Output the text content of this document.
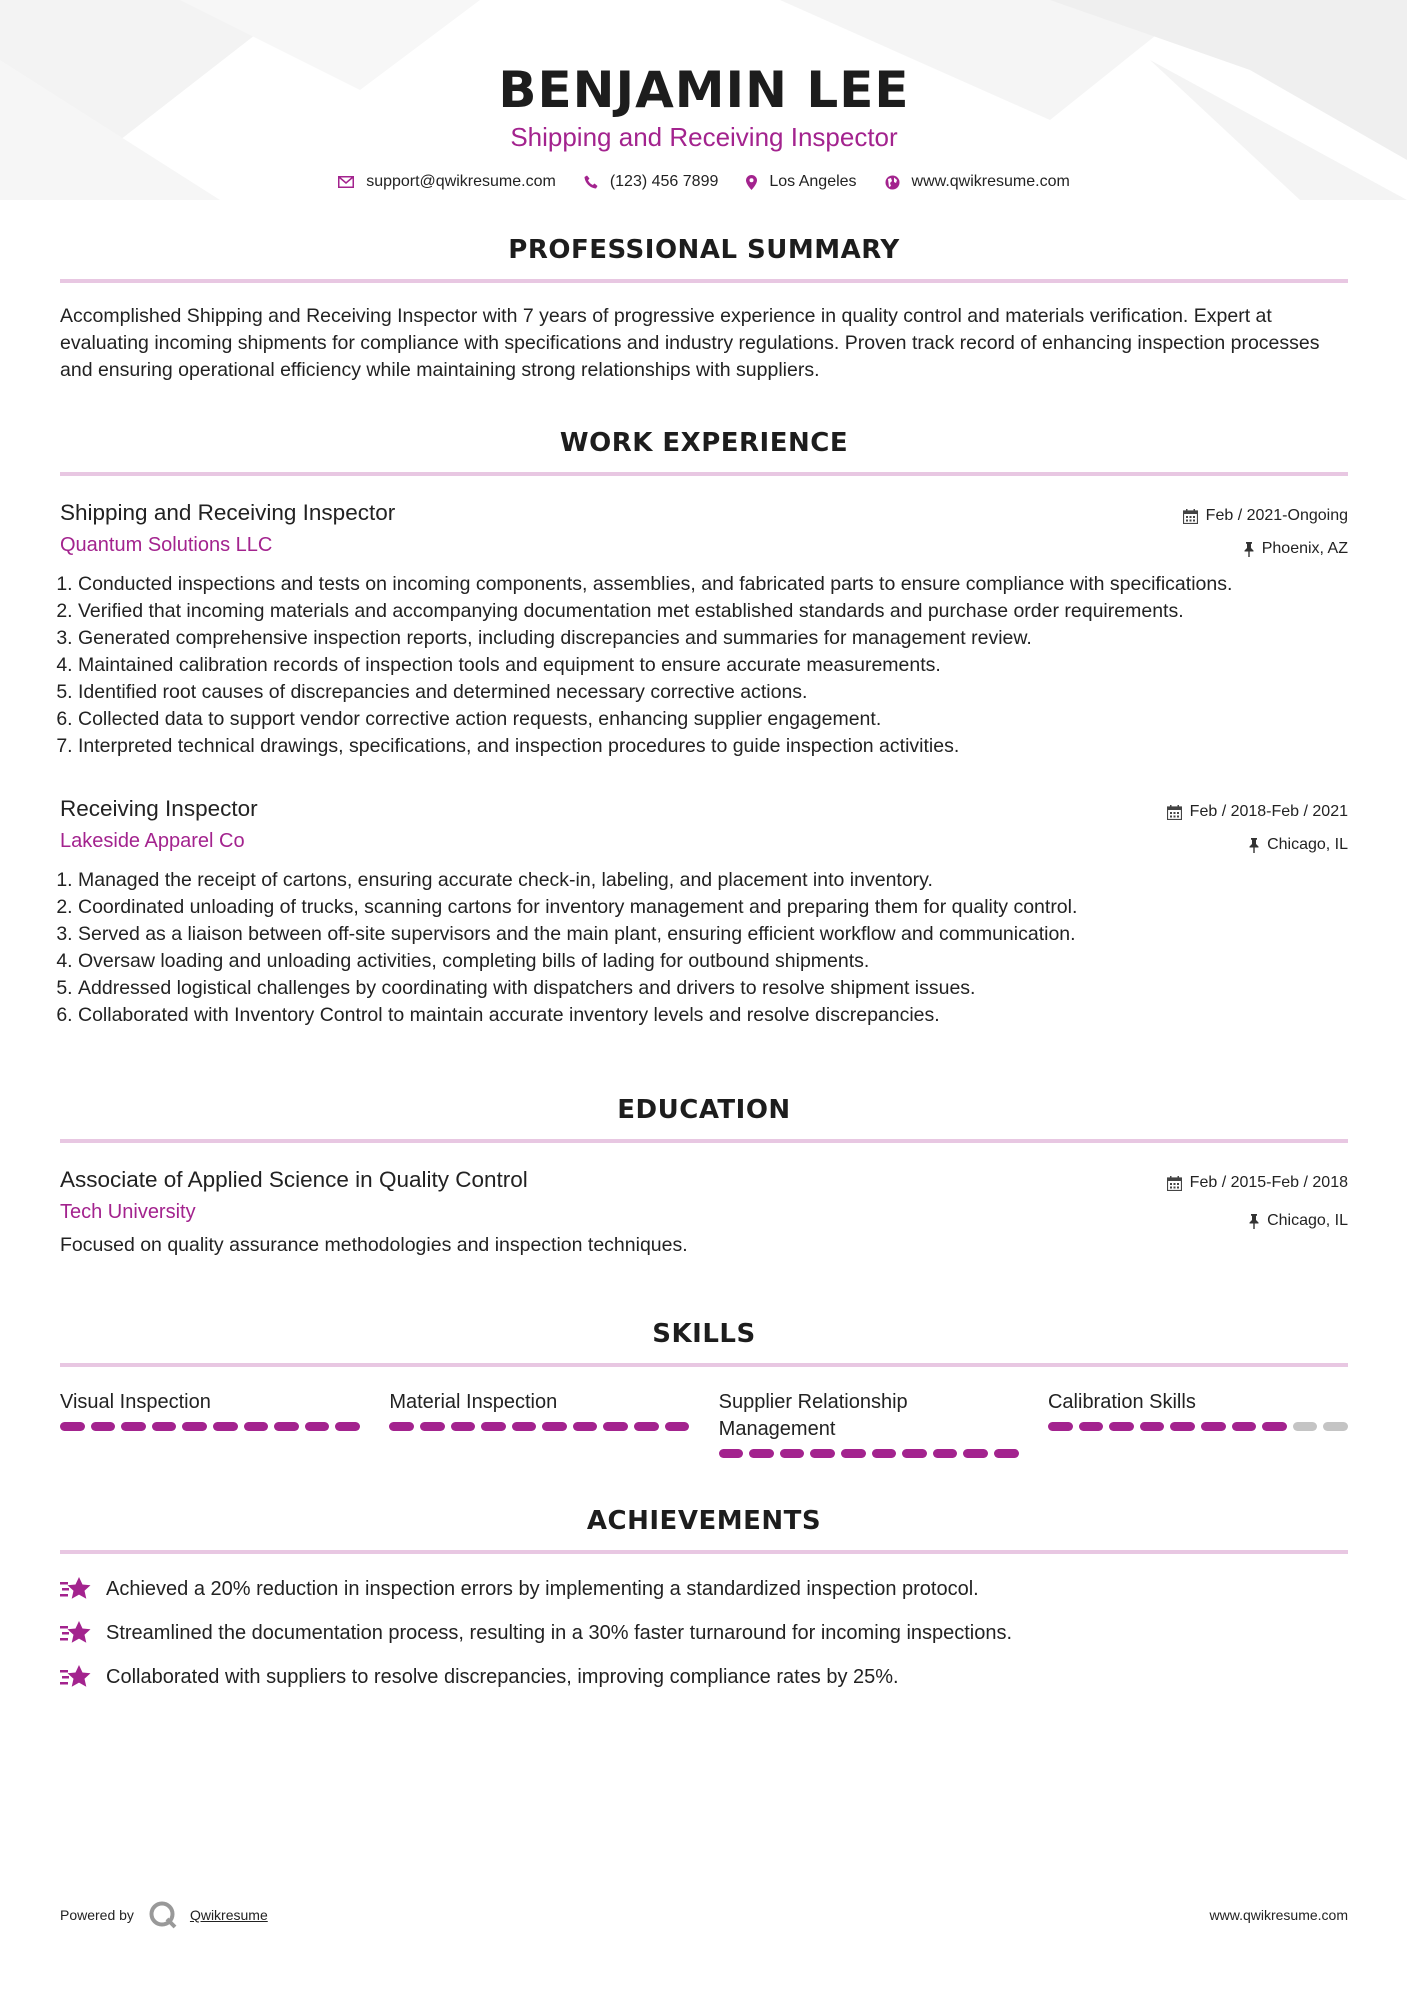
BENJAMIN LEE
Shipping and Receiving Inspector
support@qwikresume.com	(123) 456 7899	Los Angeles	www.qwikresume.com
PROFESSIONAL SUMMARY
Accomplished Shipping and Receiving Inspector with 7 years of progressive experience in quality control and materials verification. Expert at evaluating incoming shipments for compliance with specifications and industry regulations. Proven track record of enhancing inspection processes and ensuring operational efficiency while maintaining strong relationships with suppliers.
WORK EXPERIENCE
Feb / 2021-Ongoing
Phoenix, AZ
Shipping and Receiving Inspector
Quantum Solutions LLC
1. Conducted inspections and tests on incoming components, assemblies, and fabricated parts to ensure compliance with specifications.
2. Verified that incoming materials and accompanying documentation met established standards and purchase order requirements.
3. Generated comprehensive inspection reports, including discrepancies and summaries for management review.
4. Maintained calibration records of inspection tools and equipment to ensure accurate measurements.
5. Identified root causes of discrepancies and determined necessary corrective actions.
6. Collected data to support vendor corrective action requests, enhancing supplier engagement.
7. Interpreted technical drawings, specifications, and inspection procedures to guide inspection activities.
Feb / 2018-Feb / 2021
Chicago, IL
Receiving Inspector
Lakeside Apparel Co
1. Managed the receipt of cartons, ensuring accurate check-in, labeling, and placement into inventory.
2. Coordinated unloading of trucks, scanning cartons for inventory management and preparing them for quality control.
3. Served as a liaison between off-site supervisors and the main plant, ensuring efficient workflow and communication.
4. Oversaw loading and unloading activities, completing bills of lading for outbound shipments.
5. Addressed logistical challenges by coordinating with dispatchers and drivers to resolve shipment issues.
6. Collaborated with Inventory Control to maintain accurate inventory levels and resolve discrepancies.
EDUCATION
Feb / 2015-Feb / 2018
Chicago, IL
Associate of Applied Science in Quality Control
Tech University
Focused on quality assurance methodologies and inspection techniques.
SKILLS
Visual Inspection	Material Inspection	Supplier Relationship Management
Calibration Skills
ACHIEVEMENTS
Achieved a 20% reduction in inspection errors by implementing a standardized inspection protocol.
Streamlined the documentation process, resulting in a 30% faster turnaround for incoming inspections.
Collaborated with suppliers to resolve discrepancies, improving compliance rates by 25%.
Powered by	Qwikresume	www.qwikresume.com
